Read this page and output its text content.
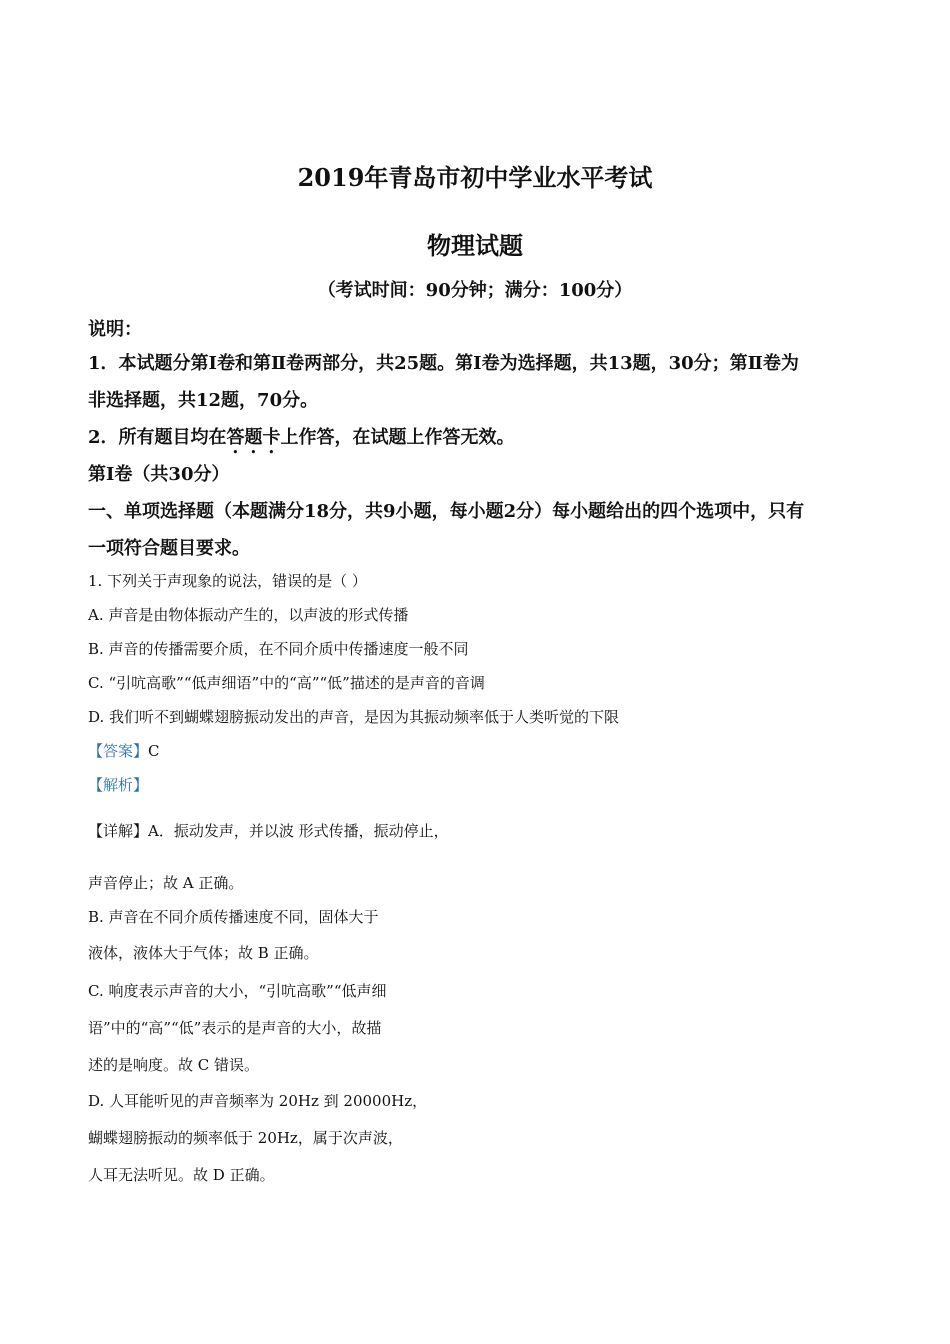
2019年青岛市初中学业水平考试
物理试题
（考试时间：90分钟；满分：100分）
说明：
1．本试题分第Ⅰ卷和第Ⅱ卷两部分，共25题。第Ⅰ卷为选择题，共13题，30分；第Ⅱ卷为
非选择题，共12题，70分。
2．所有题目均在答题卡上作答，在试题上作答无效。
第Ⅰ卷（共30分）
一、单项选择题（本题满分18分，共9小题，每小题2分）每小题给出的四个选项中，只有
一项符合题目要求。
1. 下列关于声现象的说法，错误的是（ ）
A. 声音是由物体振动产生的，以声波的形式传播
B. 声音的传播需要介质，在不同介质中传播速度一般不同
C. “引吭高歌”“低声细语”中的“高”“低”描述的是声音的音调
D. 我们听不到蝴蝶翅膀振动发出的声音，是因为其振动频率低于人类听觉的下限
【答案】C
【解析】
【详解】A．振动发声，并以波 形式传播，振动停止，
声音停止；故 A 正确。
B. 声音在不同介质传播速度不同，固体大于
液体，液体大于气体；故 B 正确。
C. 响度表示声音的大小，“引吭高歌”“低声细
语”中的“高”“低”表示的是声音的大小，故描
述的是响度。故 C 错误。
D. 人耳能听见的声音频率为 20Hz 到 20000Hz，
蝴蝶翅膀振动的频率低于 20Hz，属于次声波，
人耳无法听见。故 D 正确。
